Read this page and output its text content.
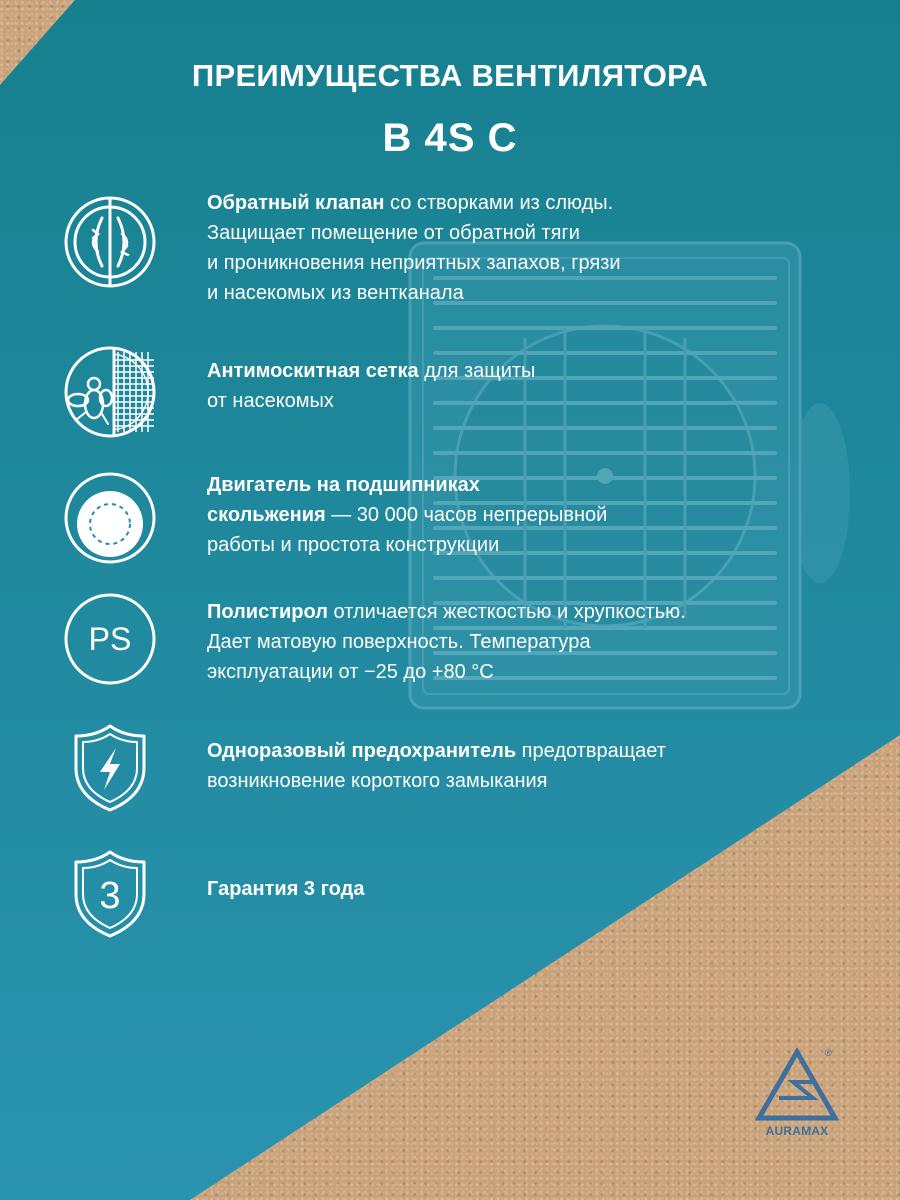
ПРЕИМУЩЕСТВА ВЕНТИЛЯТОРА
B 4S C
Обратный клапан со створками из слюды.
Защищает помещение от обратной тяги
и проникновения неприятных запахов, грязи
и насекомых из вентканала
Антимоскитная сетка для защиты
от насекомых
Двигатель на подшипниках
скольжения — 30 000 часов непрерывной
работы и простота конструкции
PS
Полистирол отличается жесткостью и хрупкостью.
Дает матовую поверхность. Температура
эксплуатации от −25 до +80 °С
Одноразовый предохранитель предотвращает
возникновение короткого замыкания
3	Гарантия 3 года
®
AURAMAX
